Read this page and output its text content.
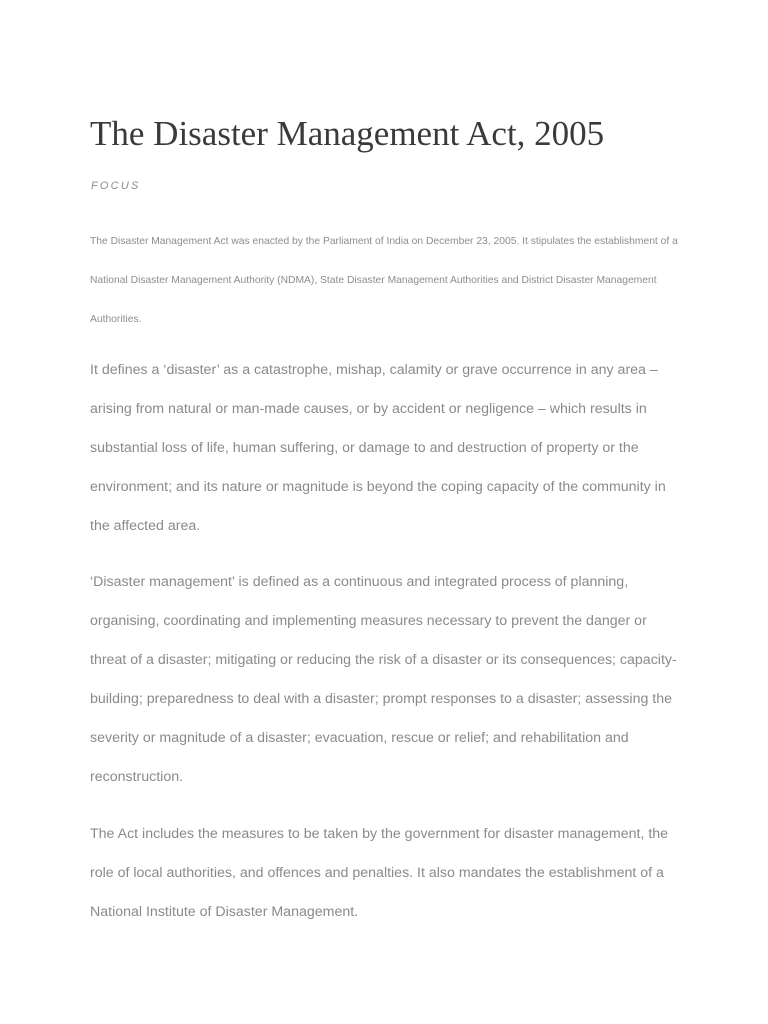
The Disaster Management Act, 2005
FOCUS

The Disaster Management Act was enacted by the Parliament of India on December 23, 2005. It stipulates the establishment of a National Disaster Management Authority (NDMA), State Disaster Management Authorities and District Disaster Management Authorities.

It defines a ‘disaster’ as a catastrophe, mishap, calamity or grave occurrence in any area – arising from natural or man-made causes, or by accident or negligence – which results in substantial loss of life, human suffering, or damage to and destruction of property or the environment; and its nature or magnitude is beyond the coping capacity of the community in the affected area.

‘Disaster management’ is defined as a continuous and integrated process of planning, organising, coordinating and implementing measures necessary to prevent the danger or threat of a disaster; mitigating or reducing the risk of a disaster or its consequences; capacity-building; preparedness to deal with a disaster; prompt responses to a disaster; assessing the severity or magnitude of a disaster; evacuation, rescue or relief; and rehabilitation and reconstruction.

The Act includes the measures to be taken by the government for disaster management, the role of local authorities, and offences and penalties. It also mandates the establishment of a National Institute of Disaster Management.
